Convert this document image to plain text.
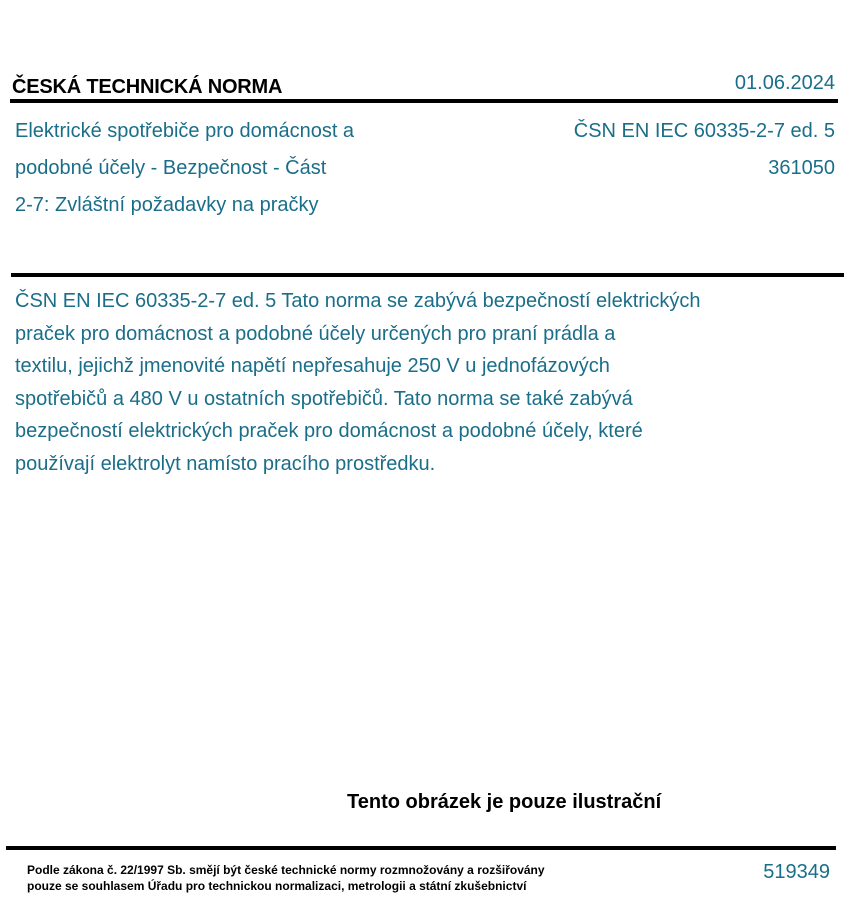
ČESKÁ TECHNICKÁ NORMA	01.06.2024
Elektrické spotřebiče pro domácnost a
podobné účely - Bezpečnost - Část
2-7: Zvláštní požadavky na pračky
ČSN EN IEC 60335-2-7 ed. 5
361050
ČSN EN IEC 60335-2-7 ed. 5 Tato norma se zabývá bezpečností elektrických
praček pro domácnost a podobné účely určených pro praní prádla a
textilu, jejichž jmenovité napětí nepřesahuje 250 V u jednofázových
spotřebičů a 480 V u ostatních spotřebičů. Tato norma se také zabývá
bezpečností elektrických praček pro domácnost a podobné účely, které
používají elektrolyt namísto pracího prostředku.
Tento obrázek je pouze ilustrační
Podle zákona č. 22/1997 Sb. smějí být české technické normy rozmnožovány a rozšiřovány
pouze se souhlasem Úřadu pro technickou normalizaci, metrologii a státní zkušebnictví
519349
